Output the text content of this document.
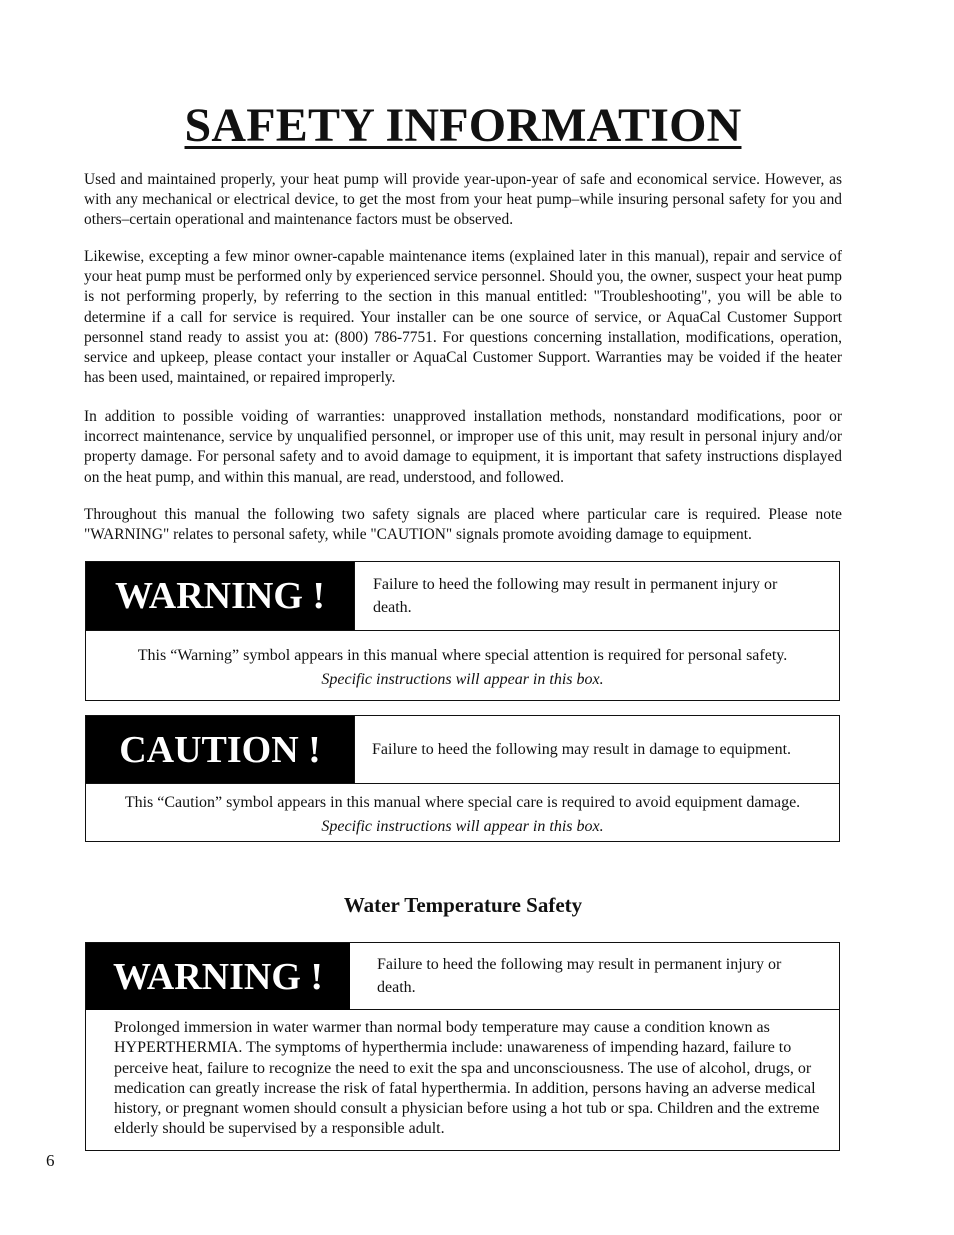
SAFETY INFORMATION

Used and maintained properly, your heat pump will provide year-upon-year of safe and economical service. However, as with any mechanical or electrical device, to get the most from your heat pump–while insuring personal safety for you and others–certain operational and maintenance factors must be observed.

Likewise, excepting a few minor owner-capable maintenance items (explained later in this manual), repair and service of your heat pump must be performed only by experienced service personnel. Should you, the owner, suspect your heat pump is not performing properly, by referring to the section in this manual entitled: "Troubleshooting", you will be able to determine if a call for service is required. Your installer can be one source of service, or AquaCal Customer Support personnel stand ready to assist you at: (800) 786-7751. For questions concerning installation, modifications, operation, service and upkeep, please contact your installer or AquaCal Customer Support. Warranties may be voided if the heater has been used, maintained, or repaired improperly.

In addition to possible voiding of warranties: unapproved installation methods, nonstandard modifications, poor or incorrect maintenance, service by unqualified personnel, or improper use of this unit, may result in personal injury and/or property damage. For personal safety and to avoid damage to equipment, it is important that safety instructions displayed on the heat pump, and within this manual, are read, understood, and followed.

Throughout this manual the following two safety signals are placed where particular care is required. Please note "WARNING" relates to personal safety, while "CAUTION" signals promote avoiding damage to equipment.

WARNING !	Failure to heed the following may result in permanent injury or death.
This “Warning” symbol appears in this manual where special attention is required for personal safety.
Specific instructions will appear in this box.
CAUTION !	Failure to heed the following may result in damage to equipment.
This “Caution” symbol appears in this manual where special care is required to avoid equipment damage.
Specific instructions will appear in this box.
Water Temperature Safety
WARNING !	Failure to heed the following may result in permanent injury or death.
Prolonged immersion in water warmer than normal body temperature may cause a condition known as HYPERTHERMIA. The symptoms of hyperthermia include: unawareness of impending hazard, failure to perceive heat, failure to recognize the need to exit the spa and unconsciousness. The use of alcohol, drugs, or medication can greatly increase the risk of fatal hyperthermia. In addition, persons having an adverse medical history, or pregnant women should consult a physician before using a hot tub or spa. Children and the extreme elderly should be supervised by a responsible adult.
6
